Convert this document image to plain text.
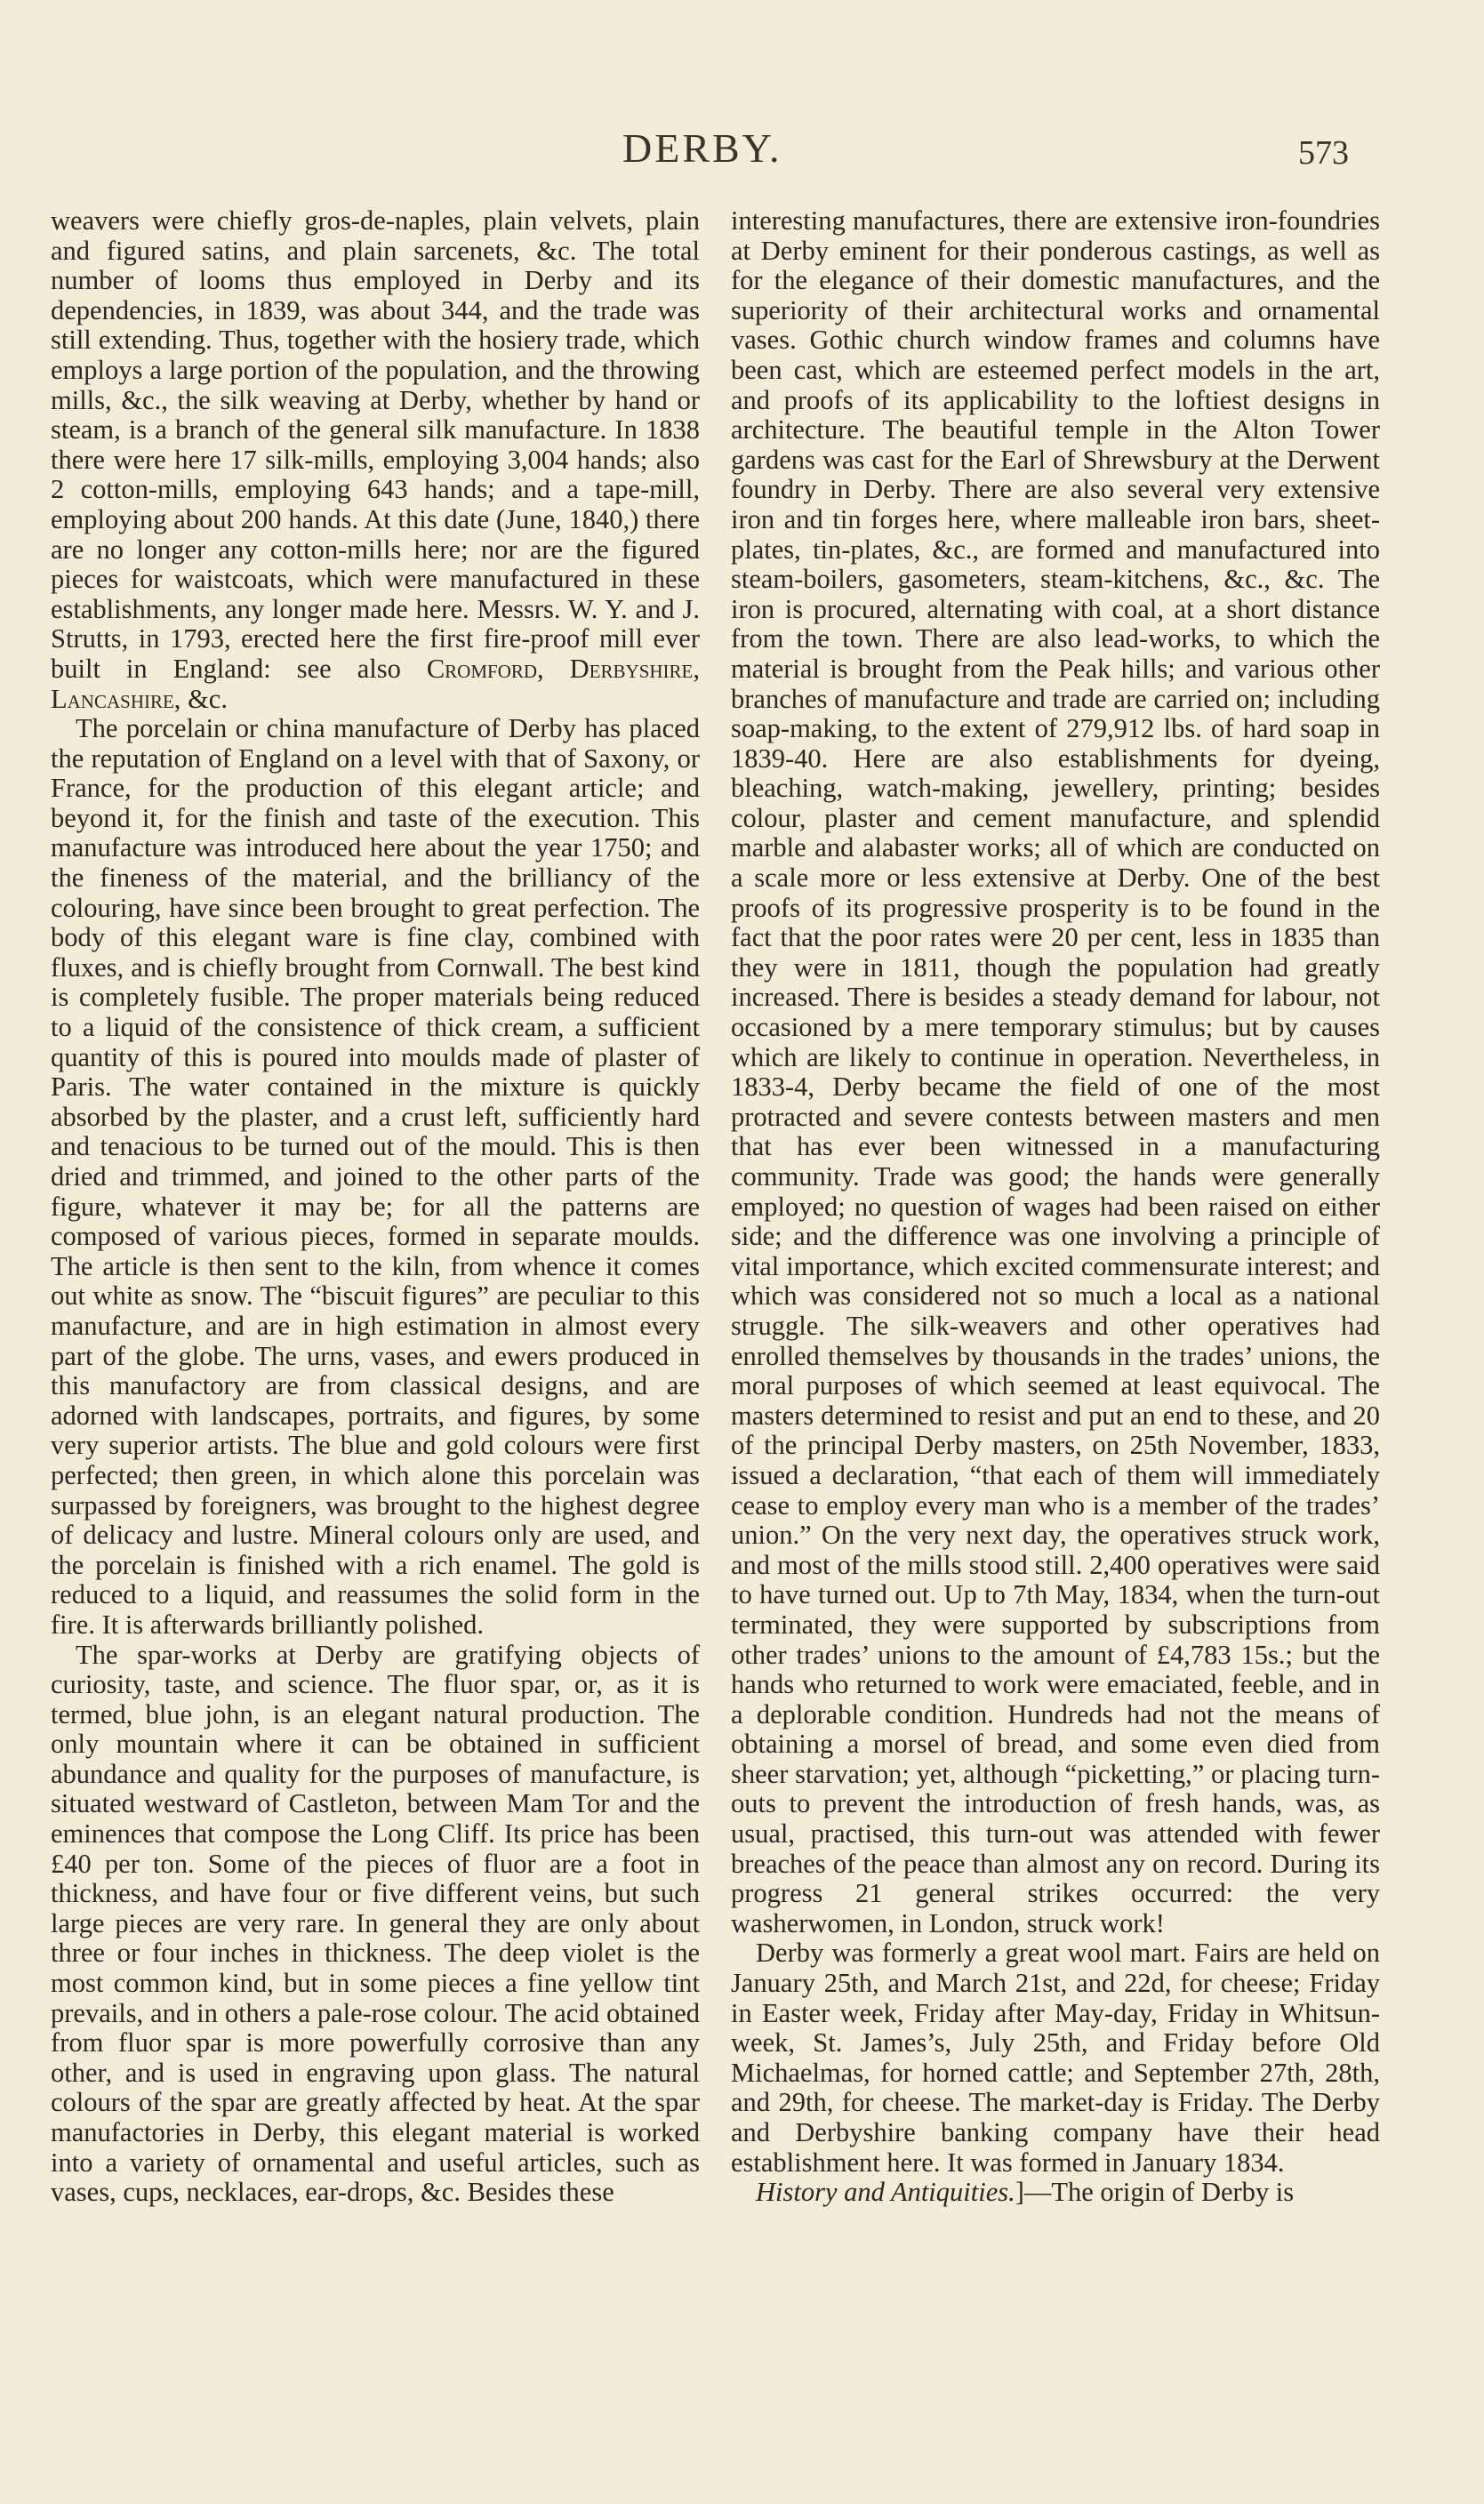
DERBY.	573

weavers were chiefly gros-de-naples, plain velvets, plain and figured satins, and plain sarcenets, &c. The total number of looms thus employed in Derby and its dependencies, in 1839, was about 344, and the trade was still extending. Thus, together with the hosiery trade, which employs a large portion of the population, and the throwing mills, &c., the silk weaving at Derby, whether by hand or steam, is a branch of the general silk manufacture. In 1838 there were here 17 silk-mills, employing 3,004 hands; also 2 cotton-mills, employing 643 hands; and a tape-mill, employing about 200 hands. At this date (June, 1840,) there are no longer any cotton-mills here; nor are the figured pieces for waistcoats, which were manufactured in these establishments, any longer made here. Messrs. W. Y. and J. Strutts, in 1793, erected here the first fire-proof mill ever built in England: see also Cromford, Derbyshire, Lancashire, &c.

The porcelain or china manufacture of Derby has placed the reputation of England on a level with that of Saxony, or France, for the production of this elegant article; and beyond it, for the finish and taste of the execution. This manufacture was introduced here about the year 1750; and the fineness of the material, and the brilliancy of the colouring, have since been brought to great perfection. The body of this elegant ware is fine clay, combined with fluxes, and is chiefly brought from Cornwall. The best kind is completely fusible. The proper materials being reduced to a liquid of the consistence of thick cream, a sufficient quantity of this is poured into moulds made of plaster of Paris. The water contained in the mixture is quickly absorbed by the plaster, and a crust left, sufficiently hard and tenacious to be turned out of the mould. This is then dried and trimmed, and joined to the other parts of the figure, whatever it may be; for all the patterns are composed of various pieces, formed in separate moulds. The article is then sent to the kiln, from whence it comes out white as snow. The “biscuit figures” are peculiar to this manufacture, and are in high estimation in almost every part of the globe. The urns, vases, and ewers produced in this manufactory are from classical designs, and are adorned with landscapes, portraits, and figures, by some very superior artists. The blue and gold colours were first perfected; then green, in which alone this porcelain was surpassed by foreigners, was brought to the highest degree of delicacy and lustre. Mineral colours only are used, and the porcelain is finished with a rich enamel. The gold is reduced to a liquid, and reassumes the solid form in the fire. It is afterwards brilliantly polished.

The spar-works at Derby are gratifying objects of curiosity, taste, and science. The fluor spar, or, as it is termed, blue john, is an elegant natural production. The only mountain where it can be obtained in sufficient abundance and quality for the purposes of manufacture, is situated westward of Castleton, between Mam Tor and the eminences that compose the Long Cliff. Its price has been £40 per ton. Some of the pieces of fluor are a foot in thickness, and have four or five different veins, but such large pieces are very rare. In general they are only about three or four inches in thickness. The deep violet is the most common kind, but in some pieces a fine yellow tint prevails, and in others a pale-rose colour. The acid obtained from fluor spar is more powerfully corrosive than any other, and is used in engraving upon glass. The natural colours of the spar are greatly affected by heat. At the spar manufactories in Derby, this elegant material is worked into a variety of ornamental and useful articles, such as vases, cups, necklaces, ear-drops, &c. Besides these

interesting manufactures, there are extensive iron-foundries at Derby eminent for their ponderous castings, as well as for the elegance of their domestic manufactures, and the superiority of their architectural works and ornamental vases. Gothic church window frames and columns have been cast, which are esteemed perfect models in the art, and proofs of its applicability to the loftiest designs in architecture. The beautiful temple in the Alton Tower gardens was cast for the Earl of Shrewsbury at the Derwent foundry in Derby. There are also several very extensive iron and tin forges here, where malleable iron bars, sheet-plates, tin-plates, &c., are formed and manufactured into steam-boilers, gasometers, steam-kitchens, &c., &c. The iron is procured, alternating with coal, at a short distance from the town. There are also lead-works, to which the material is brought from the Peak hills; and various other branches of manufacture and trade are carried on; including soap-making, to the extent of 279,912 lbs. of hard soap in 1839-40. Here are also establishments for dyeing, bleaching, watch-making, jewellery, printing; besides colour, plaster and cement manufacture, and splendid marble and alabaster works; all of which are conducted on a scale more or less extensive at Derby. One of the best proofs of its progressive prosperity is to be found in the fact that the poor rates were 20 per cent, less in 1835 than they were in 1811, though the population had greatly increased. There is besides a steady demand for labour, not occasioned by a mere temporary stimulus; but by causes which are likely to continue in operation. Nevertheless, in 1833-4, Derby became the field of one of the most protracted and severe contests between masters and men that has ever been witnessed in a manufacturing community. Trade was good; the hands were generally employed; no question of wages had been raised on either side; and the difference was one involving a principle of vital importance, which excited commensurate interest; and which was considered not so much a local as a national struggle. The silk-weavers and other operatives had enrolled themselves by thousands in the trades’ unions, the moral purposes of which seemed at least equivocal. The masters determined to resist and put an end to these, and 20 of the principal Derby masters, on 25th November, 1833, issued a declaration, “that each of them will immediately cease to employ every man who is a member of the trades’ union.” On the very next day, the operatives struck work, and most of the mills stood still. 2,400 operatives were said to have turned out. Up to 7th May, 1834, when the turn-out terminated, they were supported by subscriptions from other trades’ unions to the amount of £4,783 15s.; but the hands who returned to work were emaciated, feeble, and in a deplorable condition. Hundreds had not the means of obtaining a morsel of bread, and some even died from sheer starvation; yet, although “picketting,” or placing turn-outs to prevent the introduction of fresh hands, was, as usual, practised, this turn-out was attended with fewer breaches of the peace than almost any on record. During its progress 21 general strikes occurred: the very washerwomen, in London, struck work!

Derby was formerly a great wool mart. Fairs are held on January 25th, and March 21st, and 22d, for cheese; Friday in Easter week, Friday after May-day, Friday in Whitsun-week, St. James’s, July 25th, and Friday before Old Michaelmas, for horned cattle; and September 27th, 28th, and 29th, for cheese. The market-day is Friday. The Derby and Derbyshire banking company have their head establishment here. It was formed in January 1834.

History and Antiquities.]—The origin of Derby is
